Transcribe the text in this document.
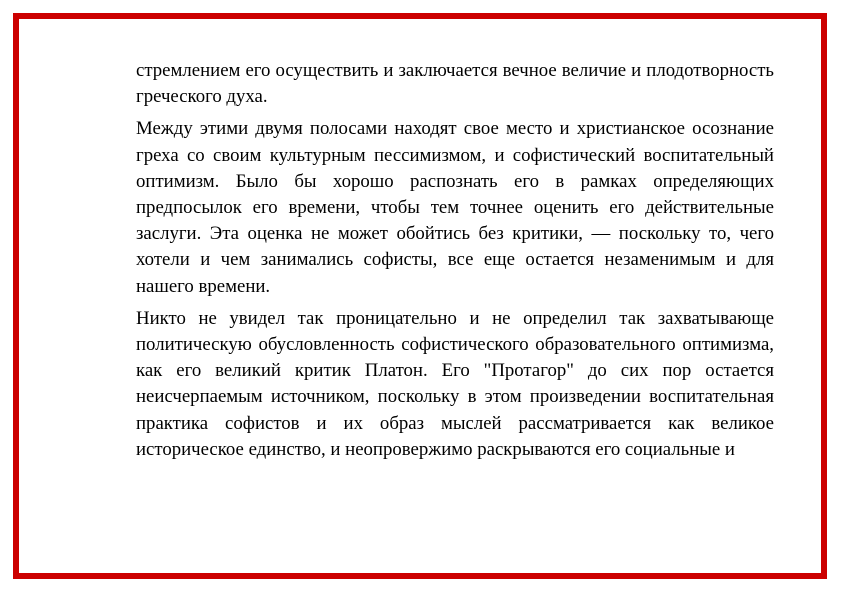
стремлением его осуществить и заключается вечное величие и плодотворность греческого духа.

Между этими двумя полосами находят свое место и христианское осознание греха со своим культурным пессимизмом, и софистический воспитательный оптимизм. Было бы хорошо распознать его в рамках определяющих предпосылок его времени, чтобы тем точнее оценить его действительные заслуги. Эта оценка не может обойтись без критики, — поскольку то, чего хотели и чем занимались софисты, все еще остается незаменимым и для нашего времени.

Никто не увидел так проницательно и не определил так захватывающе политическую обусловленность софистического образовательного оптимизма, как его великий критик Платон. Его "Протагор" до сих пор остается неисчерпаемым источником, поскольку в этом произведении воспитательная практика софистов и их образ мыслей рассматривается как великое историческое единство, и неопровержимо раскрываются его социальные и
